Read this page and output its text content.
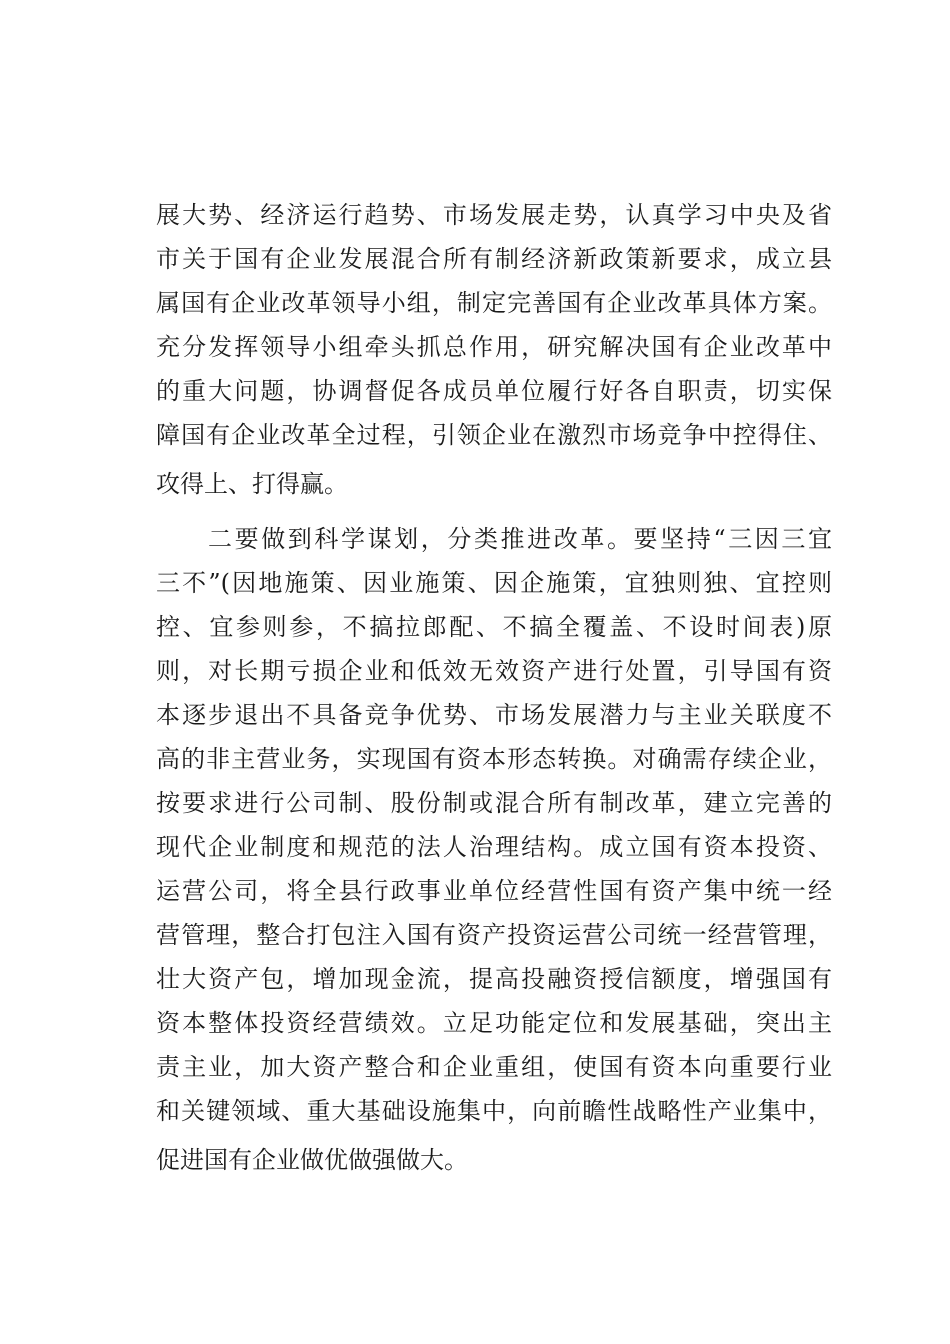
展大势、经济运行趋势、市场发展走势，认真学习中央及省
市关于国有企业发展混合所有制经济新政策新要求，成立县
属国有企业改革领导小组，制定完善国有企业改革具体方案。
充分发挥领导小组牵头抓总作用，研究解决国有企业改革中
的重大问题，协调督促各成员单位履行好各自职责，切实保
障国有企业改革全过程，引领企业在激烈市场竞争中控得住、
攻得上、打得赢。
二要做到科学谋划，分类推进改革。要坚持“三因三宜
三不”(因地施策、因业施策、因企施策，宜独则独、宜控则
控、宜参则参，不搞拉郎配、不搞全覆盖、不设时间表)原
则，对长期亏损企业和低效无效资产进行处置，引导国有资
本逐步退出不具备竞争优势、市场发展潜力与主业关联度不
高的非主营业务，实现国有资本形态转换。对确需存续企业，
按要求进行公司制、股份制或混合所有制改革，建立完善的
现代企业制度和规范的法人治理结构。成立国有资本投资、
运营公司，将全县行政事业单位经营性国有资产集中统一经
营管理，整合打包注入国有资产投资运营公司统一经营管理，
壮大资产包，增加现金流，提高投融资授信额度，增强国有
资本整体投资经营绩效。立足功能定位和发展基础，突出主
责主业，加大资产整合和企业重组，使国有资本向重要行业
和关键领域、重大基础设施集中，向前瞻性战略性产业集中，
促进国有企业做优做强做大。
